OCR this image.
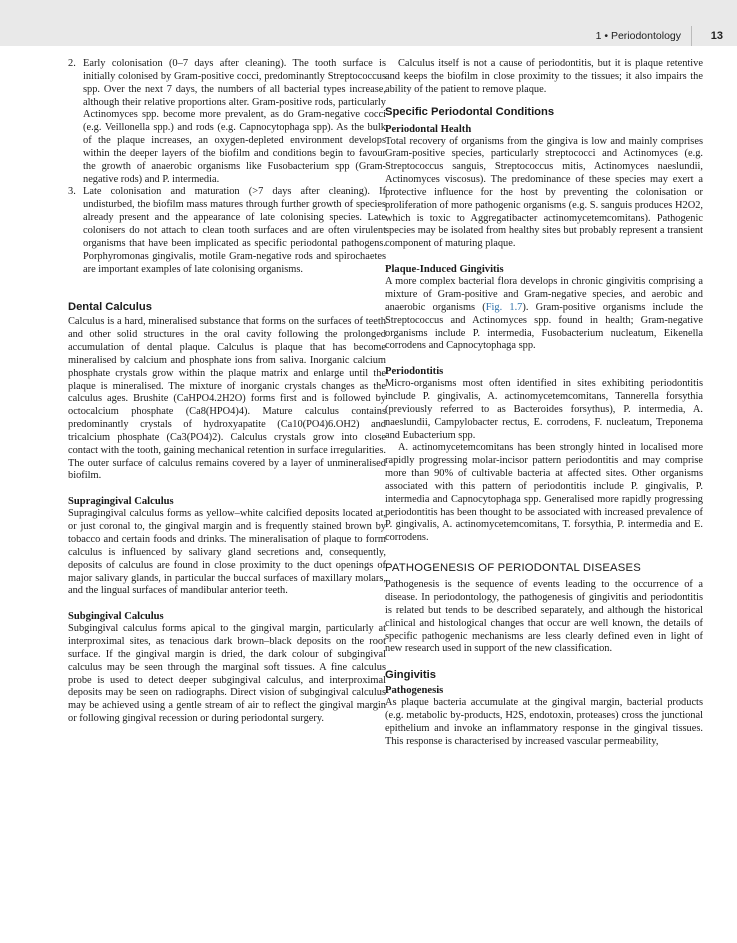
1 • Periodontology	13
2. Early colonisation (0–7 days after cleaning). The tooth surface is initially colonised by Gram-positive cocci, predominantly Streptococcus spp. Over the next 7 days, the numbers of all bacterial types increase, although their relative proportions alter. Gram-positive rods, particularly Actinomyces spp. become more prevalent, as do Gram-negative cocci (e.g. Veillonella spp.) and rods (e.g. Capnocytophaga spp). As the bulk of the plaque increases, an oxygen-depleted environment develops within the deeper layers of the biofilm and conditions begin to favour the growth of anaerobic organisms like Fusobacterium spp (Gram-negative rods) and P. intermedia.

3. Late colonisation and maturation (>7 days after cleaning). If undisturbed, the biofilm mass matures through further growth of species already present and the appearance of late colonising species. Late colonisers do not attach to clean tooth surfaces and are often virulent organisms that have been implicated as specific periodontal pathogens. Porphyromonas gingivalis, motile Gram-negative rods and spirochaetes are important examples of late colonising organisms.

Dental Calculus

Calculus is a hard, mineralised substance that forms on the surfaces of teeth and other solid structures in the oral cavity following the prolonged accumulation of dental plaque. Calculus is plaque that has become mineralised by calcium and phosphate ions from saliva. Inorganic calcium phosphate crystals grow within the plaque matrix and enlarge until the plaque is mineralised. The mixture of inorganic crystals changes as the calculus ages. Brushite (CaHPO4.2H2O) forms first and is followed by octocalcium phosphate (Ca8(HPO4)4). Mature calculus contains predominantly crystals of hydroxyapatite (Ca10(PO4)6.OH2) and tricalcium phosphate (Ca3(PO4)2). Calculus crystals grow into close contact with the tooth, gaining mechanical retention in surface irregularities. The outer surface of calculus remains covered by a layer of unmineralised biofilm.

Supragingival Calculus

Supragingival calculus forms as yellow–white calcified deposits located at, or just coronal to, the gingival margin and is frequently stained brown by tobacco and certain foods and drinks. The mineralisation of plaque to form calculus is influenced by salivary gland secretions and, consequently, deposits of calculus are found in close proximity to the duct openings of major salivary glands, in particular the buccal surfaces of maxillary molars, and the lingual surfaces of mandibular anterior teeth.

Subgingival Calculus

Subgingival calculus forms apical to the gingival margin, particularly at interproximal sites, as tenacious dark brown–black deposits on the root surface. If the gingival margin is dried, the dark colour of subgingival calculus may be seen through the marginal soft tissues. A fine calculus probe is used to detect deeper subgingival calculus, and interproximal deposits may be seen on radiographs. Direct vision of subgingival calculus may be achieved using a gentle stream of air to reflect the gingival margin or following gingival recession or during periodontal surgery.

Calculus itself is not a cause of periodontitis, but it is plaque retentive and keeps the biofilm in close proximity to the tissues; it also impairs the ability of the patient to remove plaque.

Specific Periodontal Conditions
Periodontal Health

Total recovery of organisms from the gingiva is low and mainly comprises Gram-positive species, particularly streptococci and Actinomyces (e.g. Streptococcus sanguis, Streptococcus mitis, Actinomyces naeslundii, Actinomyces viscosus). The predominance of these species may exert a protective influence for the host by preventing the colonisation or proliferation of more pathogenic organisms (e.g. S. sanguis produces H2O2, which is toxic to Aggregatibacter actinomycetemcomitans). Pathogenic species may be isolated from healthy sites but probably represent a transient component of maturing plaque.

Plaque-Induced Gingivitis

A more complex bacterial flora develops in chronic gingivitis comprising a mixture of Gram-positive and Gram-negative species, and aerobic and anaerobic organisms (Fig. 1.7). Gram-positive organisms include the Streptococcus and Actinomyces spp. found in health; Gram-negative organisms include P. intermedia, Fusobacterium nucleatum, Eikenella corrodens and Capnocytophaga spp.

Periodontitis

Micro-organisms most often identified in sites exhibiting periodontitis include P. gingivalis, A. actinomycetemcomitans, Tannerella forsythia (previously referred to as Bacteroides forsythus), P. intermedia, A. naeslundii, Campylobacter rectus, E. corrodens, F. nucleatum, Treponema and Eubacterium spp.

A. actinomycetemcomitans has been strongly hinted in localised more rapidly progressing molar-incisor pattern periodontitis and may comprise more than 90% of cultivable bacteria at affected sites. Other organisms associated with this pattern of periodontitis include P. gingivalis, P. intermedia and Capnocytophaga spp. Generalised more rapidly progressing periodontitis has been thought to be associated with increased prevalence of P. gingivalis, A. actinomycetemcomitans, T. forsythia, P. intermedia and E. corrodens.

PATHOGENESIS OF PERIODONTAL DISEASES

Pathogenesis is the sequence of events leading to the occurrence of a disease. In periodontology, the pathogenesis of gingivitis and periodontitis is related but tends to be described separately, and although the historical clinical and histological changes that occur are well known, the details of specific pathogenic mechanisms are less clearly defined even in light of new research used in support of the new classification.

Gingivitis
Pathogenesis

As plaque bacteria accumulate at the gingival margin, bacterial products (e.g. metabolic by-products, H2S, endotoxin, proteases) cross the junctional epithelium and invoke an inflammatory response in the gingival tissues. This response is characterised by increased vascular permeability,
